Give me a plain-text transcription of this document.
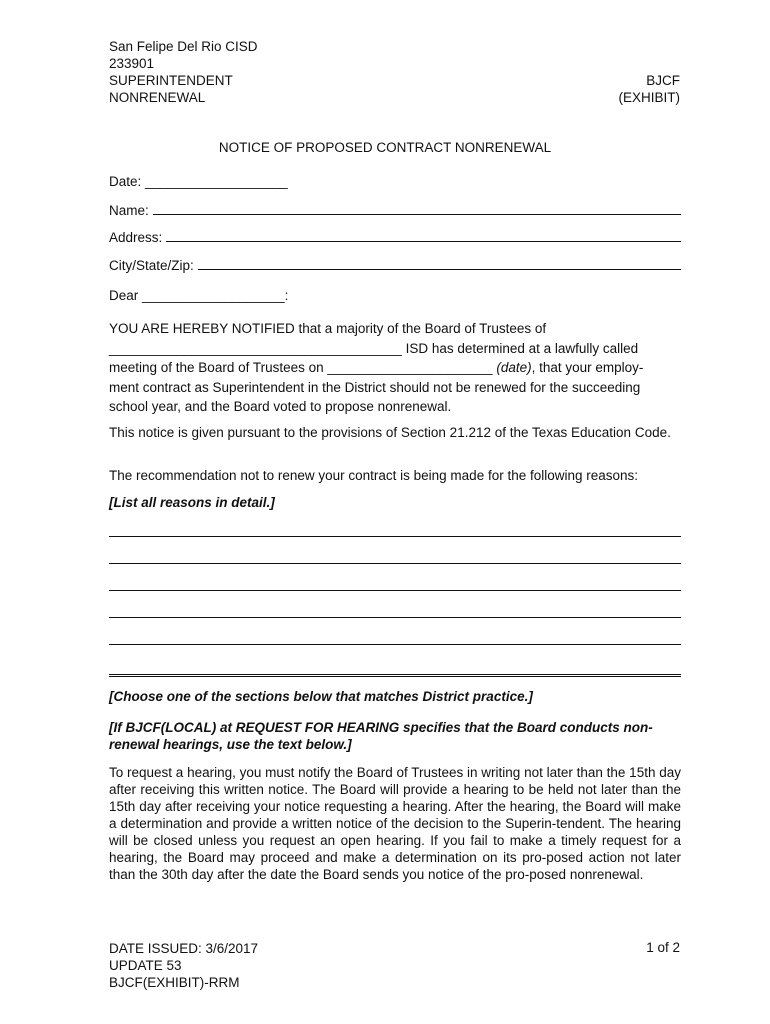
San Felipe Del Rio CISD
233901
SUPERINTENDENT
NONRENEWAL
BJCF
(EXHIBIT)
NOTICE OF PROPOSED CONTRACT NONRENEWAL
Date: ___________________
Name:
Address:
City/State/Zip:
Dear ___________________:
YOU ARE HEREBY NOTIFIED that a majority of the Board of Trustees of
_______________________________________ ISD has determined at a lawfully called
meeting of the Board of Trustees on ______________________ (date), that your employ-
ment contract as Superintendent in the District should not be renewed for the succeeding
school year, and the Board voted to propose nonrenewal.
This notice is given pursuant to the provisions of Section 21.212 of the Texas Education Code.
The recommendation not to renew your contract is being made for the following reasons:
[List all reasons in detail.]
[Choose one of the sections below that matches District practice.]
[If BJCF(LOCAL) at REQUEST FOR HEARING specifies that the Board conducts non-renewal hearings, use the text below.]
To request a hearing, you must notify the Board of Trustees in writing not later than the 15th day after receiving this written notice. The Board will provide a hearing to be held not later than the 15th day after receiving your notice requesting a hearing. After the hearing, the Board will make a determination and provide a written notice of the decision to the Superin-tendent. The hearing will be closed unless you request an open hearing. If you fail to make a timely request for a hearing, the Board may proceed and make a determination on its pro-posed action not later than the 30th day after the date the Board sends you notice of the pro-posed nonrenewal.
DATE ISSUED: 3/6/2017
UPDATE 53
BJCF(EXHIBIT)-RRM
1 of 2
